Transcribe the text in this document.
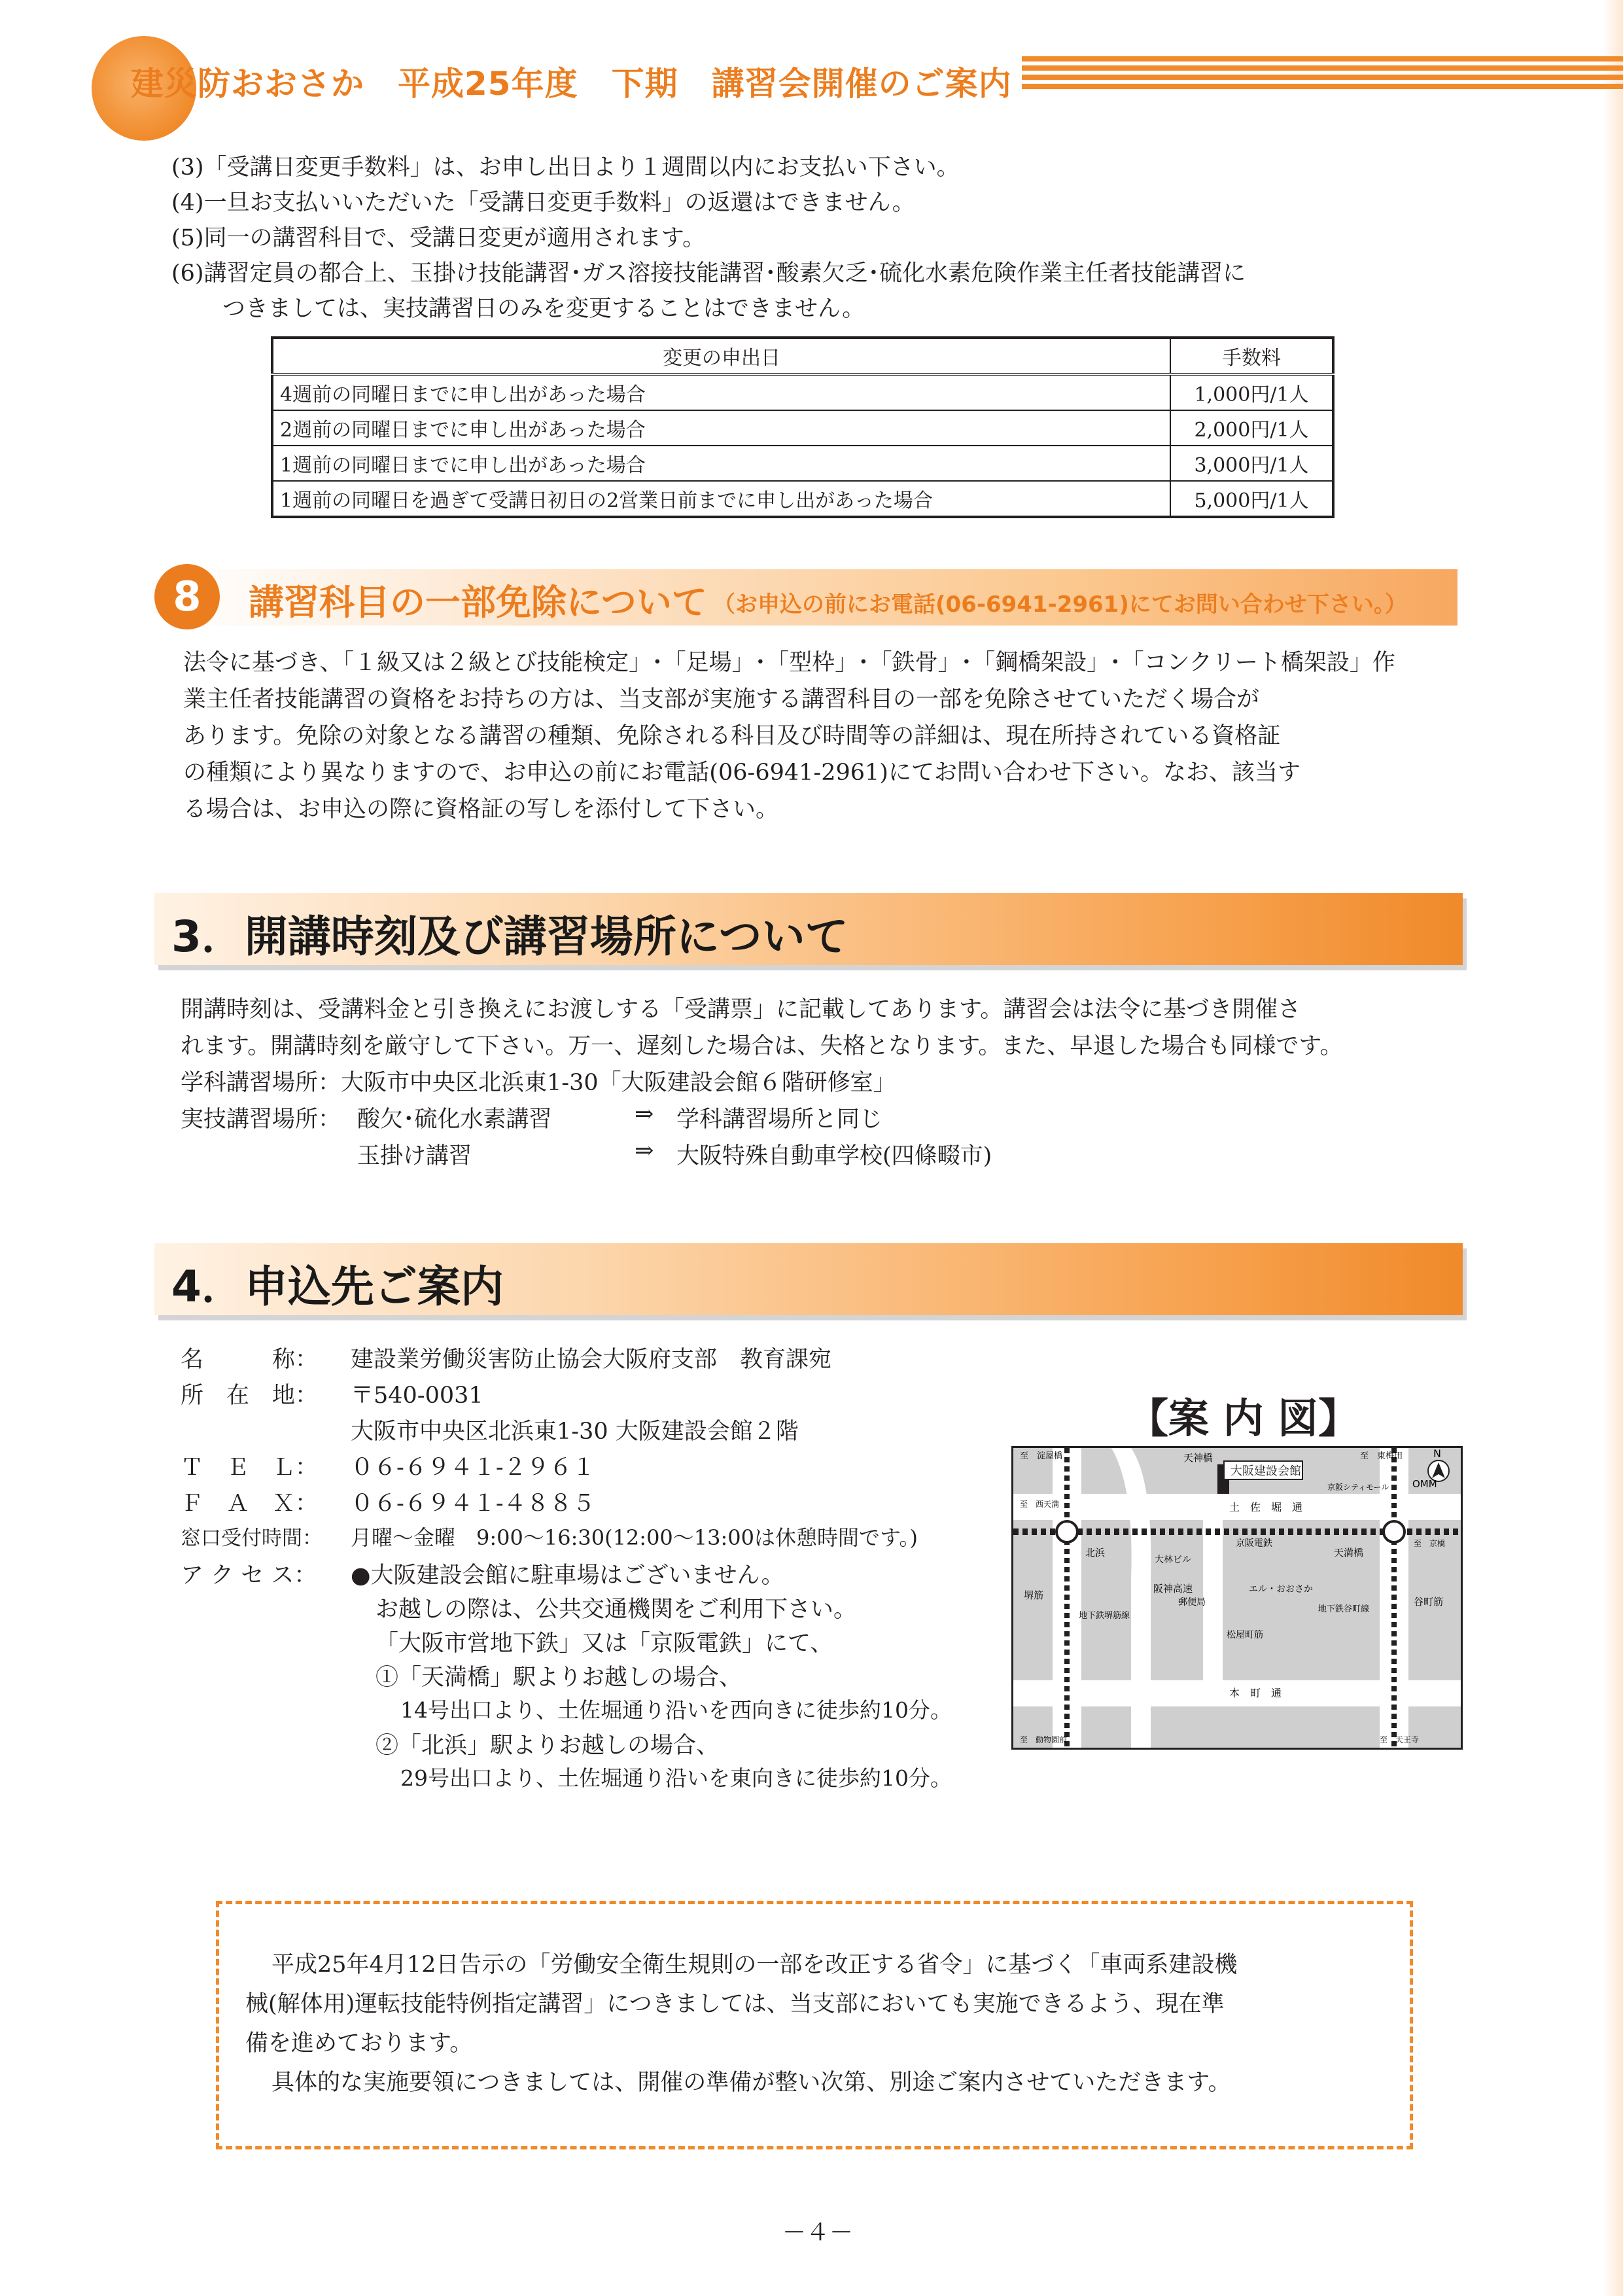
建災防おおさか　平成25年度　下期　講習会開催のご案内
(3)「受講日変更手数料」は、お申し出日より１週間以内にお支払い下さい。
(4)一旦お支払いいただいた「受講日変更手数料」の返還はできません。
(5)同一の講習科目で、受講日変更が適用されます。
(6)講習定員の都合上、玉掛け技能講習･ガス溶接技能講習･酸素欠乏･硫化水素危険作業主任者技能講習に
つきましては、実技講習日のみを変更することはできません。
変更の申出日	手数料
4週前の同曜日までに申し出があった場合	1,000円/1人
2週前の同曜日までに申し出があった場合	2,000円/1人
1週前の同曜日までに申し出があった場合	3,000円/1人
1週前の同曜日を過ぎて受講日初日の2営業日前までに申し出があった場合	5,000円/1人
8	講習科目の一部免除について （お申込の前にお電話(06-6941-2961)にてお問い合わせ下さい。）
法令に基づき、「１級又は２級とび技能検定」･「足場」･「型枠」･「鉄骨」･「鋼橋架設」･「コンクリート橋架設」作
業主任者技能講習の資格をお持ちの方は、当支部が実施する講習科目の一部を免除させていただく場合が
あります。免除の対象となる講習の種類、免除される科目及び時間等の詳細は、現在所持されている資格証
の種類により異なりますので、お申込の前にお電話(06-6941-2961)にてお問い合わせ下さい。なお、該当す
る場合は、お申込の際に資格証の写しを添付して下さい。
3．開講時刻及び講習場所について
開講時刻は、受講料金と引き換えにお渡しする「受講票」に記載してあります。講習会は法令に基づき開催さ
れます。開講時刻を厳守して下さい。万一、遅刻した場合は、失格となります。また、早退した場合も同様です。
学科講習場所：大阪市中央区北浜東1-30「大阪建設会館６階研修室」
実技講習場所： 酸欠･硫化水素講習	⇒ 学科講習場所と同じ
玉掛け講習	⇒ 大阪特殊自動車学校(四條畷市)
4．申込先ご案内
名　　　称： 建設業労働災害防止協会大阪府支部　教育課宛
所　在　地： 〒540-0031
大阪市中央区北浜東1-30 大阪建設会館２階
Ｔ　Ｅ　Ｌ： ０６-６９４１-２９６１
Ｆ　Ａ　Ｘ： ０６-６９４１-４８８５
窓口受付時間： 月曜～金曜　9:00～16:30(12:00～13:00は休憩時間です。)
ア ク セ ス： ●大阪建設会館に駐車場はございません。
お越しの際は、公共交通機関をご利用下さい。
「大阪市営地下鉄」又は「京阪電鉄」にて、
①「天満橋」駅よりお越しの場合、
14号出口より、土佐堀通り沿いを西向きに徒歩約10分。
②「北浜」駅よりお越しの場合、
29号出口より、土佐堀通り沿いを東向きに徒歩約10分。
【案 内 図】
大阪建設会館
N
至　淀屋橋	至　東梅田
天神橋
京阪シティモール OMM
土　佐　堀　通
京阪電鉄
北浜	天満橋
至　西天満
至　京橋
堺筋
地下鉄堺筋線
阪神高速
大林ビル
郵便局
松屋町筋
エル・おおさか
地下鉄谷町線
谷町筋
本　町　通
至　動物園前	至　天王寺
平成25年4月12日告示の「労働安全衛生規則の一部を改正する省令」に基づく「車両系建設機
械(解体用)運転技能特例指定講習」につきましては、当支部においても実施できるよう、現在準
備を進めております。
具体的な実施要領につきましては、開催の準備が整い次第、別途ご案内させていただきます。
－４－
